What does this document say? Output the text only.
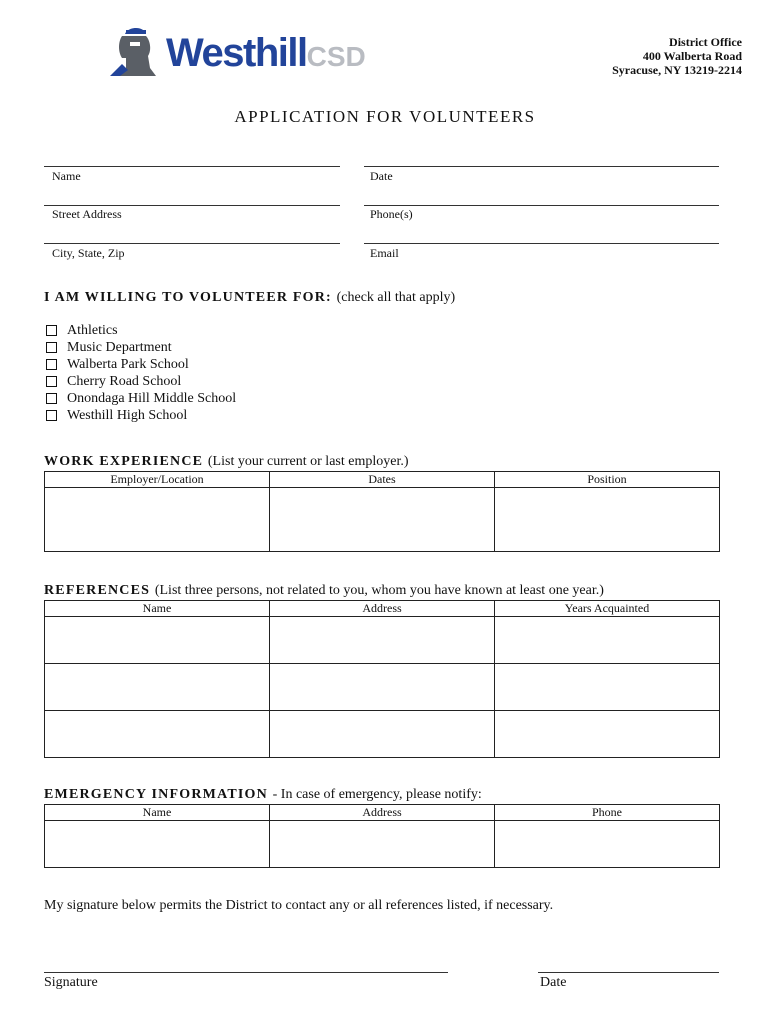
WesthillCSD	District Office
400 Walberta Road
Syracuse, NY 13219-2214
APPLICATION FOR VOLUNTEERS
Name	Date
Street Address	Phone(s)
City, State, Zip	Email
I AM WILLING TO VOLUNTEER FOR: (check all that apply)
Athletics
Music Department
Walberta Park School
Cherry Road School
Onondaga Hill Middle School
Westhill High School
WORK EXPERIENCE (List your current or last employer.)
Employer/Location	Dates	Position

REFERENCES (List three persons, not related to you, whom you have known at least one year.)
Name	Address	Years Acquainted

EMERGENCY INFORMATION - In case of emergency, please notify:
Name	Address	Phone

My signature below permits the District to contact any or all references listed, if necessary.
Signature	Date
